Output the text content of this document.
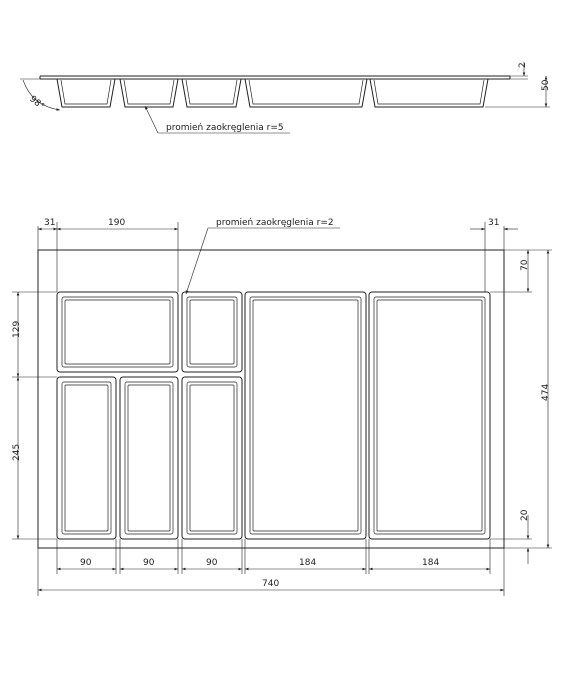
98°
promień zaokręglenia r=5
2
50
promień zaokręglenia r=2
31	190	31
70
474
20
129
245
90	90	90	184	184
740
